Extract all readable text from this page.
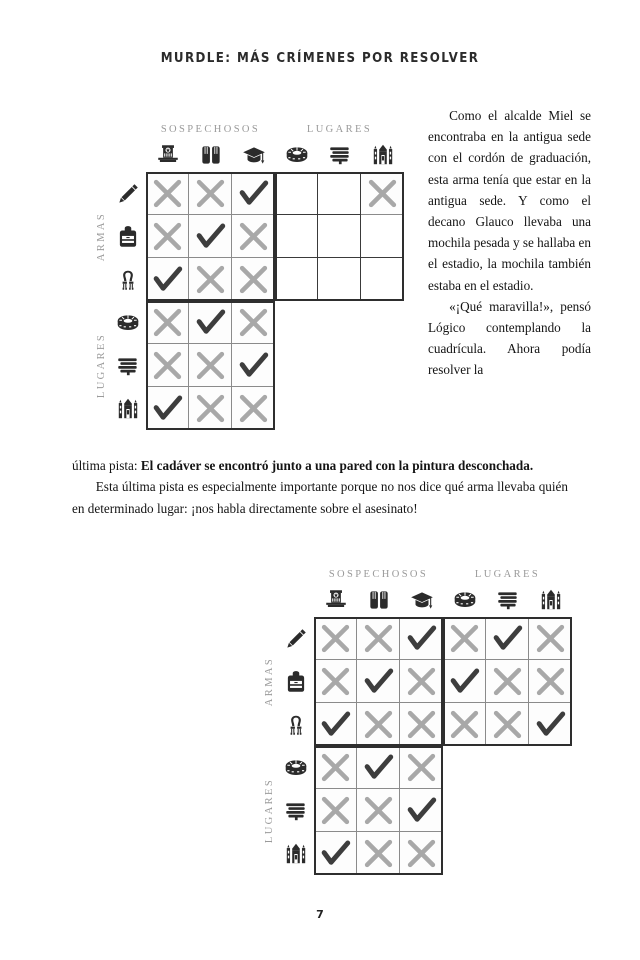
MURDLE: MÁS CRÍMENES POR RESOLVER
SOSPECHOSOS	LUGARES
ARMAS
LUGARES

Como el alcalde Miel se encontraba en la antigua sede con el cordón de graduación, esta arma tenía que estar en la antigua sede. Y como el decano Glauco llevaba una mochila pesada y se hallaba en el estadio, la mochila también estaba en el estadio.

«¡Qué maravilla!», pensó Lógico contemplando la cuadrícula. Ahora podía resolver la

última pista: El cadáver se encontró junto a una pared con la pintura desconchada.

Esta última pista es especialmente importante porque no nos dice qué arma llevaba quién en determinado lugar: ¡nos habla directamente sobre el asesinato!

SOSPECHOSOS	LUGARES
ARMAS
LUGARES
7
